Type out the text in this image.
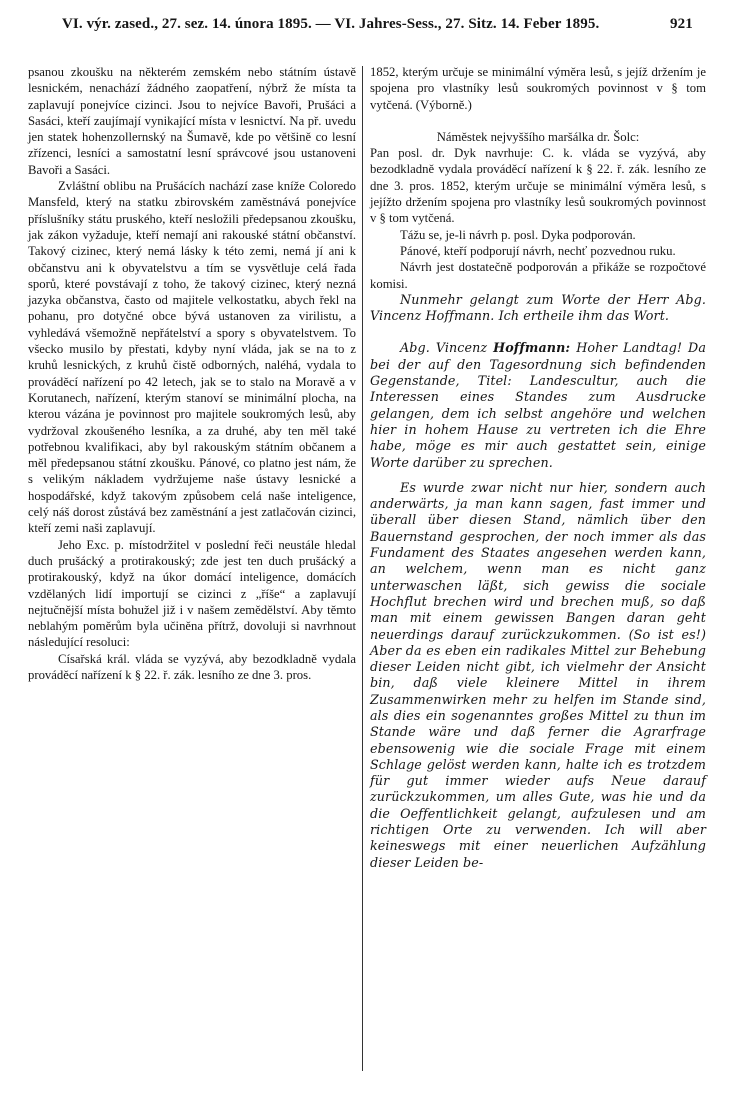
VI. výr. zased., 27. sez. 14. února 1895. — VI. Jahres-Sess., 27. Sitz. 14. Feber 1895.	921

psanou zkoušku na některém zemském nebo státním ústavě lesnickém, nenachází žádného zaopatření, nýbrž že místa ta zaplavují ponejvíce cizinci. Jsou to nejvíce Bavoři, Prušáci a Sasáci, kteří zaujímají vynikající místa v lesnictví. Na př. uvedu jen statek hohenzollernský na Šumavě, kde po většině co lesní zřízenci, lesníci a samostatní lesní správcové jsou ustanoveni Bavoři a Sasáci.

Zvláštní oblibu na Prušácích nachází zase kníže Coloredo Mansfeld, který na statku zbirovském zaměstnává ponejvíce příslušníky státu pruského, kteří nesložili předepsanou zkoušku, jak zákon vyžaduje, kteří nemají ani rakouské státní občanství. Takový cizinec, který nemá lásky k této zemi, nemá jí ani k občanstvu ani k obyvatelstvu a tím se vysvětluje celá řada sporů, které povstávají z toho, že takový cizinec, který nezná jazyka občanstva, často od majitele velkostatku, abych řekl na pohanu, pro dotyčné obce bývá ustanoven za virilistu, a vyhledává všemožně nepřátelství a spory s obyvatelstvem. To všecko musilo by přestati, kdyby nyní vláda, jak se na to z kruhů lesnických, z kruhů čistě odborných, naléhá, vydala to prováděcí nařízení po 42 letech, jak se to stalo na Moravě a v Korutanech, nařízení, kterým stanoví se minimální plocha, na kterou vázána je povinnost pro majitele soukromých lesů, aby vydržoval zkoušeného lesníka, a za druhé, aby ten měl také potřebnou kvalifikaci, aby byl rakouským státním občanem a měl předepsanou státní zkoušku. Pánové, co platno jest nám, že s velikým nákladem vydržujeme naše ústavy lesnické a hospodářské, když takovým způsobem celá naše inteligence, celý náš dorost zůstává bez zaměstnání a jest zatlačován cizinci, kteří zemi naši zaplavují.

Jeho Exc. p. místodržitel v poslední řeči neustále hledal duch prušácký a protirakouský; zde jest ten duch prušácký a protirakouský, když na úkor domácí inteligence, domácích vzdělaných lidí importují se cizinci z „říše“ a zaplavují nejtučnější místa bohužel již i v našem zemědělství. Aby těmto neblahým poměrům byla učiněna přítrž, dovoluji si navrhnout následující resoluci:

Císařská král. vláda se vyzývá, aby bezodkladně vydala prováděcí nařízení k § 22. ř. zák. lesního ze dne 3. pros.

1852, kterým určuje se minimální výměra lesů, s jejíž držením je spojena pro vlastníky lesů soukromých povinnost v § tom vytčená. (Výborně.)

Náměstek nejvyššího maršálka dr. Šolc:

Pan posl. dr. Dyk navrhuje: C. k. vláda se vyzývá, aby bezodkladně vydala prováděcí nařízení k § 22. ř. zák. lesního ze dne 3. pros. 1852, kterým určuje se minimální výměra lesů, s jejížto držením spojena pro vlastníky lesů soukromých povinnost v § tom vytčená.

Tážu se, je-li návrh p. posl. Dyka podporován.

Pánové, kteří podporují návrh, nechť pozvednou ruku.

Návrh jest dostatečně podporován a přikáže se rozpočtové komisi.

Nunmehr gelangt zum Worte der Herr Abg. Vincenz Hoffmann. Ich ertheile ihm das Wort.

Abg. Vincenz Hoffmann: Hoher Landtag! Da bei der auf den Tagesordnung sich befindenden Gegenstande, Titel: Landescultur, auch die Interessen eines Standes zum Ausdrucke gelangen, dem ich selbst angehöre und welchen hier in hohem Hause zu vertreten ich die Ehre habe, möge es mir auch gestattet sein, einige Worte darüber zu sprechen.

Es wurde zwar nicht nur hier, sondern auch anderwärts, ja man kann sagen, fast immer und überall über diesen Stand, nämlich über den Bauernstand gesprochen, der noch immer als das Fundament des Staates angesehen werden kann, an welchem, wenn man es nicht ganz unterwaschen läßt, sich gewiss die sociale Hochflut brechen wird und brechen muß, so daß man mit einem gewissen Bangen daran geht neuerdings darauf zurückzukommen. (So ist es!) Aber da es eben ein radikales Mittel zur Behebung dieser Leiden nicht gibt, ich vielmehr der Ansicht bin, daß viele kleinere Mittel in ihrem Zusammenwirken mehr zu helfen im Stande sind, als dies ein sogenanntes großes Mittel zu thun im Stande wäre und daß ferner die Agrarfrage ebensowenig wie die sociale Frage mit einem Schlage gelöst werden kann, halte ich es trotzdem für gut immer wieder aufs Neue darauf zurückzukommen, um alles Gute, was hie und da die Oeffentlichkeit gelangt, aufzulesen und am richtigen Orte zu verwenden. Ich will aber keineswegs mit einer neuerlichen Aufzählung dieser Leiden be-
